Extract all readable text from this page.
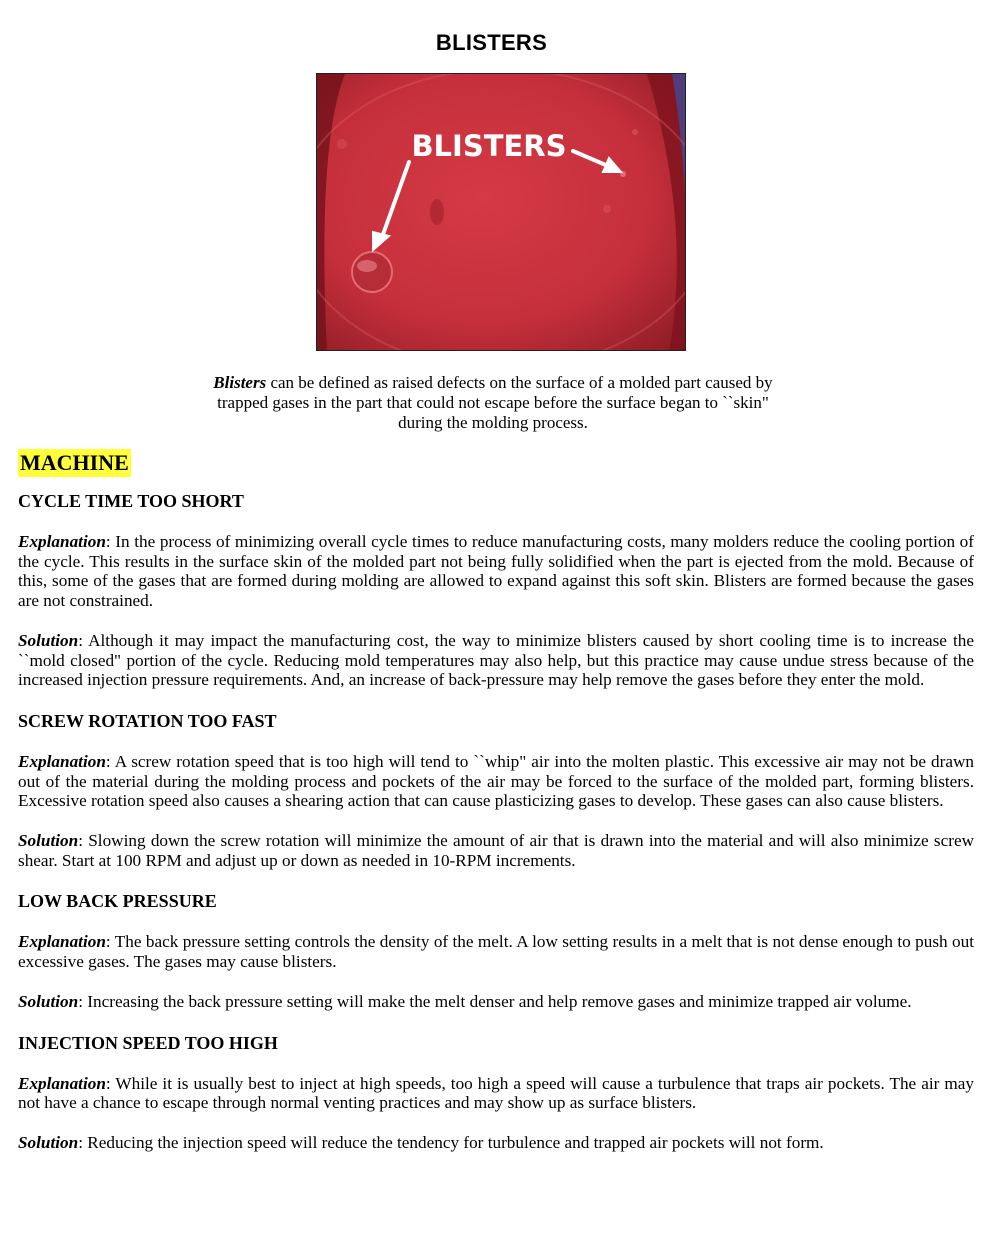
BLISTERS
BLISTERS
Blisters can be defined as raised defects on the surface of a molded part caused by trapped gases in the part that could not escape before the surface began to ``skin" during the molding process.
MACHINE
CYCLE TIME TOO SHORT
Explanation: In the process of minimizing overall cycle times to reduce manufacturing costs, many molders reduce the cooling portion of the cycle. This results in the surface skin of the molded part not being fully solidified when the part is ejected from the mold. Because of this, some of the gases that are formed during molding are allowed to expand against this soft skin. Blisters are formed because the gases are not constrained.
Solution: Although it may impact the manufacturing cost, the way to minimize blisters caused by short cooling time is to increase the ``mold closed" portion of the cycle. Reducing mold temperatures may also help, but this practice may cause undue stress because of the increased injection pressure requirements. And, an increase of back-pressure may help remove the gases before they enter the mold.
SCREW ROTATION TOO FAST
Explanation: A screw rotation speed that is too high will tend to ``whip" air into the molten plastic. This excessive air may not be drawn out of the material during the molding process and pockets of the air may be forced to the surface of the molded part, forming blisters. Excessive rotation speed also causes a shearing action that can cause plasticizing gases to develop. These gases can also cause blisters.
Solution: Slowing down the screw rotation will minimize the amount of air that is drawn into the material and will also minimize screw shear. Start at 100 RPM and adjust up or down as needed in 10-RPM increments.
LOW BACK PRESSURE
Explanation: The back pressure setting controls the density of the melt. A low setting results in a melt that is not dense enough to push out excessive gases. The gases may cause blisters.
Solution: Increasing the back pressure setting will make the melt denser and help remove gases and minimize trapped air volume.
INJECTION SPEED TOO HIGH
Explanation: While it is usually best to inject at high speeds, too high a speed will cause a turbulence that traps air pockets. The air may not have a chance to escape through normal venting practices and may show up as surface blisters.
Solution: Reducing the injection speed will reduce the tendency for turbulence and trapped air pockets will not form.
